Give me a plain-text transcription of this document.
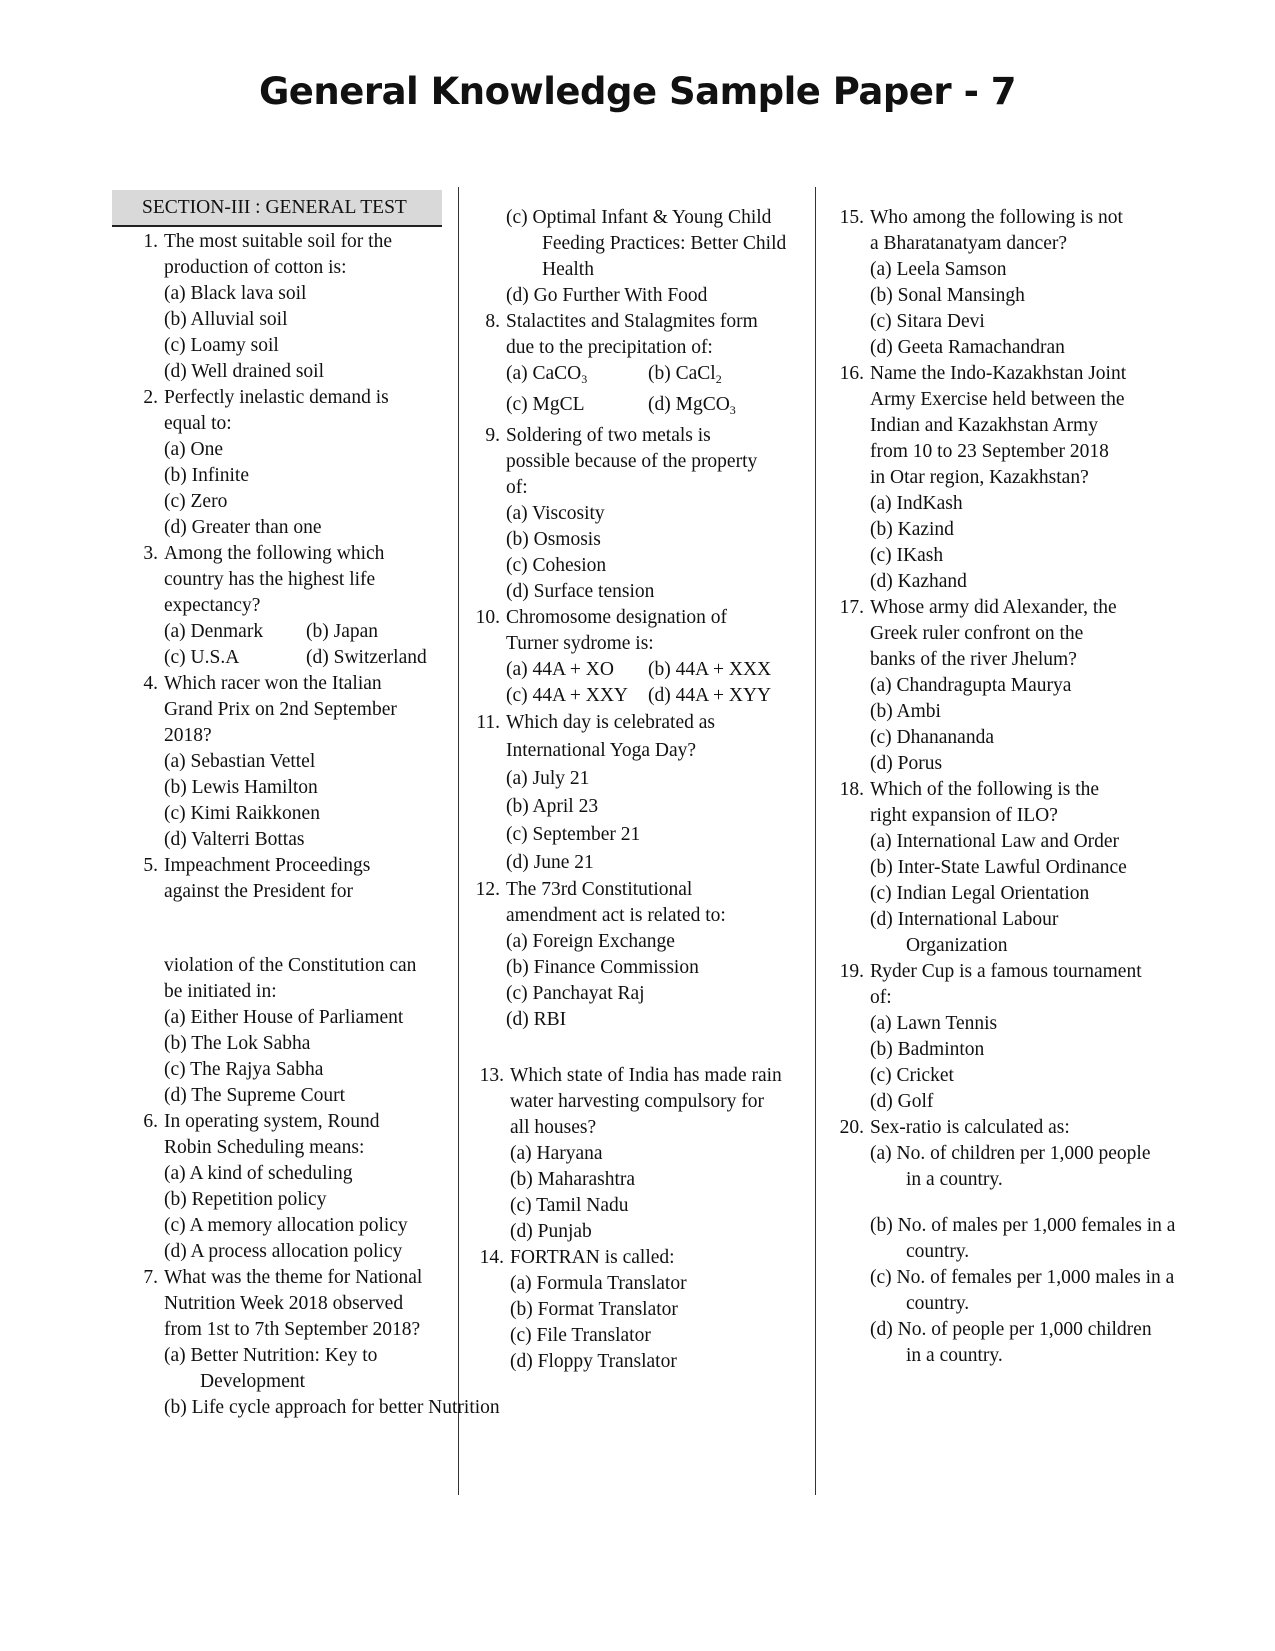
General Knowledge Sample Paper - 7
SECTION-III : GENERAL TEST
1. The most suitable soil for the
production of cotton is:
(a) Black lava soil
(b) Alluvial soil
(c) Loamy soil
(d) Well drained soil
2. Perfectly inelastic demand is
equal to:
(a) One
(b) Infinite
(c) Zero
(d) Greater than one
3. Among the following which
country has the highest life
expectancy?
(a) Denmark	(b) Japan
(c) U.S.A	(d) Switzerland
4. Which racer won the Italian
Grand Prix on 2nd September
2018?
(a) Sebastian Vettel
(b) Lewis Hamilton
(c) Kimi Raikkonen
(d) Valterri Bottas
5. Impeachment Proceedings
against the President for
violation of the Constitution can
be initiated in:
(a) Either House of Parliament
(b) The Lok Sabha
(c) The Rajya Sabha
(d) The Supreme Court
6. In operating system, Round
Robin Scheduling means:
(a) A kind of scheduling
(b) Repetition policy
(c) A memory allocation policy
(d) A process allocation policy
7. What was the theme for National
Nutrition Week 2018 observed
from 1st to 7th September 2018?
(a) Better Nutrition: Key to Development
(b) Life cycle approach for better Nutrition
(c) Optimal Infant & Young Child Feeding Practices: Better Child Health
(d) Go Further With Food
8. Stalactites and Stalagmites form
due to the precipitation of:
(a) CaCO3	(b) CaCl2
(c) MgCL	(d) MgCO3
9. Soldering of two metals is
possible because of the property
of:
(a) Viscosity
(b) Osmosis
(c) Cohesion
(d) Surface tension
10. Chromosome designation of
Turner sydrome is:
(a) 44A + XO	(b) 44A + XXX
(c) 44A + XXY	(d) 44A + XYY
11. Which day is celebrated as
International Yoga Day?
(a) July 21
(b) April 23
(c) September 21
(d) June 21
12. The 73rd Constitutional
amendment act is related to:
(a) Foreign Exchange
(b) Finance Commission
(c) Panchayat Raj
(d) RBI
13. Which state of India has made rain
water harvesting compulsory for
all houses?
(a) Haryana
(b) Maharashtra
(c) Tamil Nadu
(d) Punjab
14. FORTRAN is called:
(a) Formula Translator
(b) Format Translator
(c) File Translator
(d) Floppy Translator
15. Who among the following is not
a Bharatanatyam dancer?
(a) Leela Samson
(b) Sonal Mansingh
(c) Sitara Devi
(d) Geeta Ramachandran
16. Name the Indo-Kazakhstan Joint
Army Exercise held between the
Indian and Kazakhstan Army
from 10 to 23 September 2018
in Otar region, Kazakhstan?
(a) IndKash
(b) Kazind
(c) IKash
(d) Kazhand
17. Whose army did Alexander, the
Greek ruler confront on the
banks of the river Jhelum?
(a) Chandragupta Maurya
(b) Ambi
(c) Dhanananda
(d) Porus
18. Which of the following is the
right expansion of ILO?
(a) International Law and Order
(b) Inter-State Lawful Ordinance
(c) Indian Legal Orientation
(d) International Labour Organization
19. Ryder Cup is a famous tournament
of:
(a) Lawn Tennis
(b) Badminton
(c) Cricket
(d) Golf
20. Sex-ratio is calculated as:
(a) No. of children per 1,000 people in a country.
(b) No. of males per 1,000 females in a country.
(c) No. of females per 1,000 males in a country.
(d) No. of people per 1,000 children in a country.
